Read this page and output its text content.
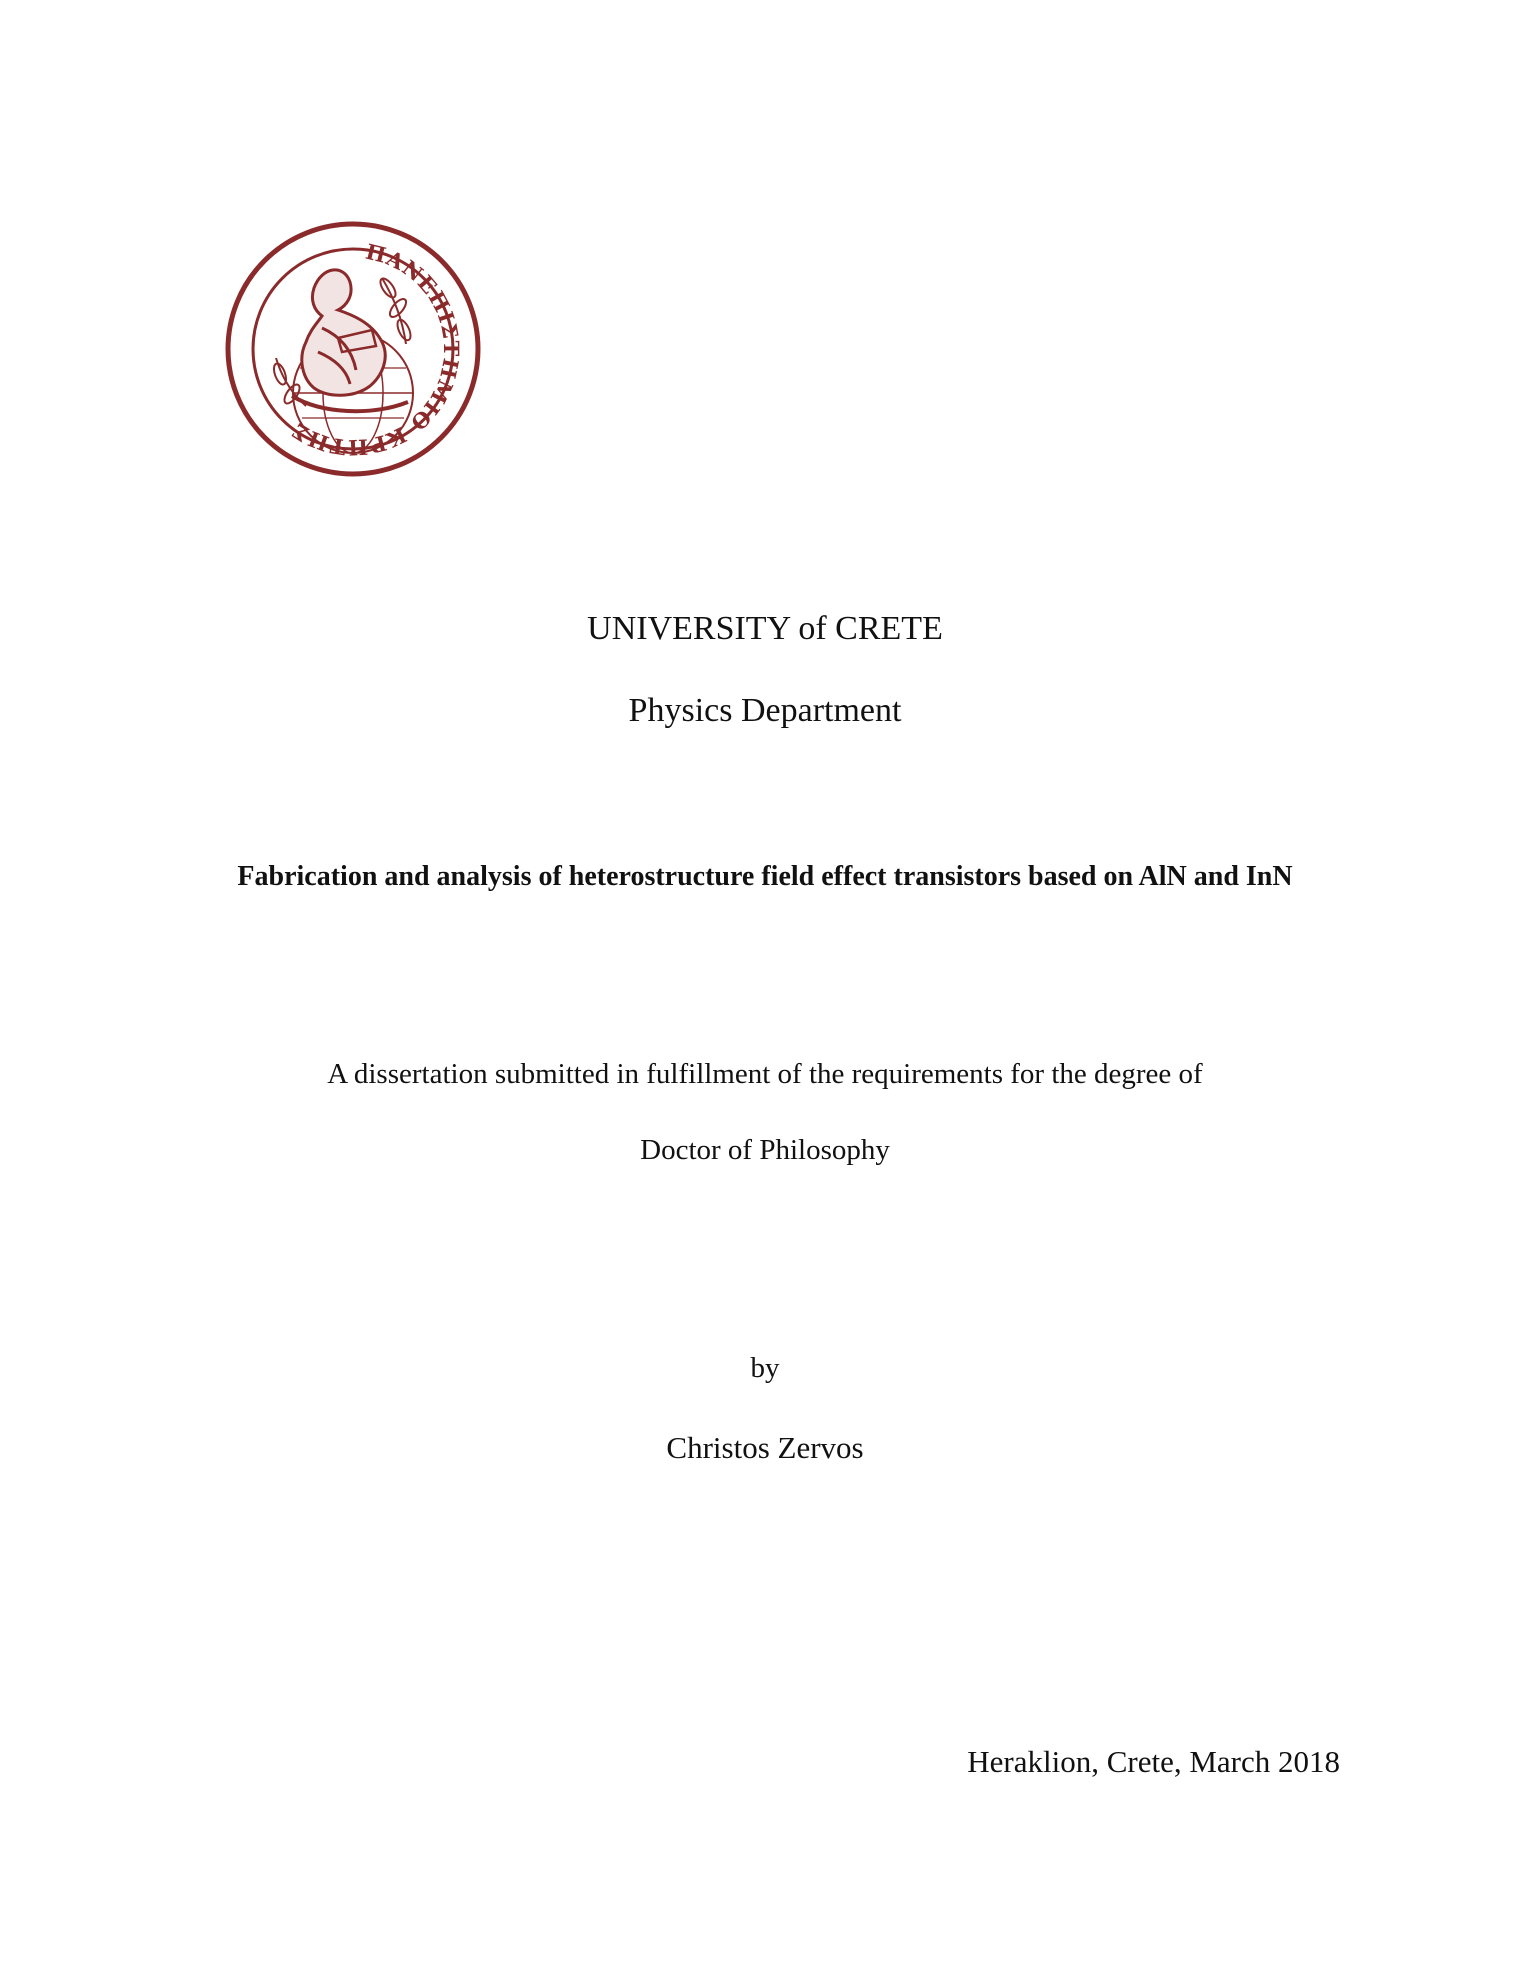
ΠΑΝΕΠΙΣΤΗΜΙΟ ΚΡΗΤΗΣ
UNIVERSITY of CRETE
Physics Department
Fabrication and analysis of heterostructure field effect transistors based on AlN and InN
A dissertation submitted in fulfillment of the requirements for the degree of
Doctor of Philosophy
by
Christos Zervos
Heraklion, Crete, March 2018
